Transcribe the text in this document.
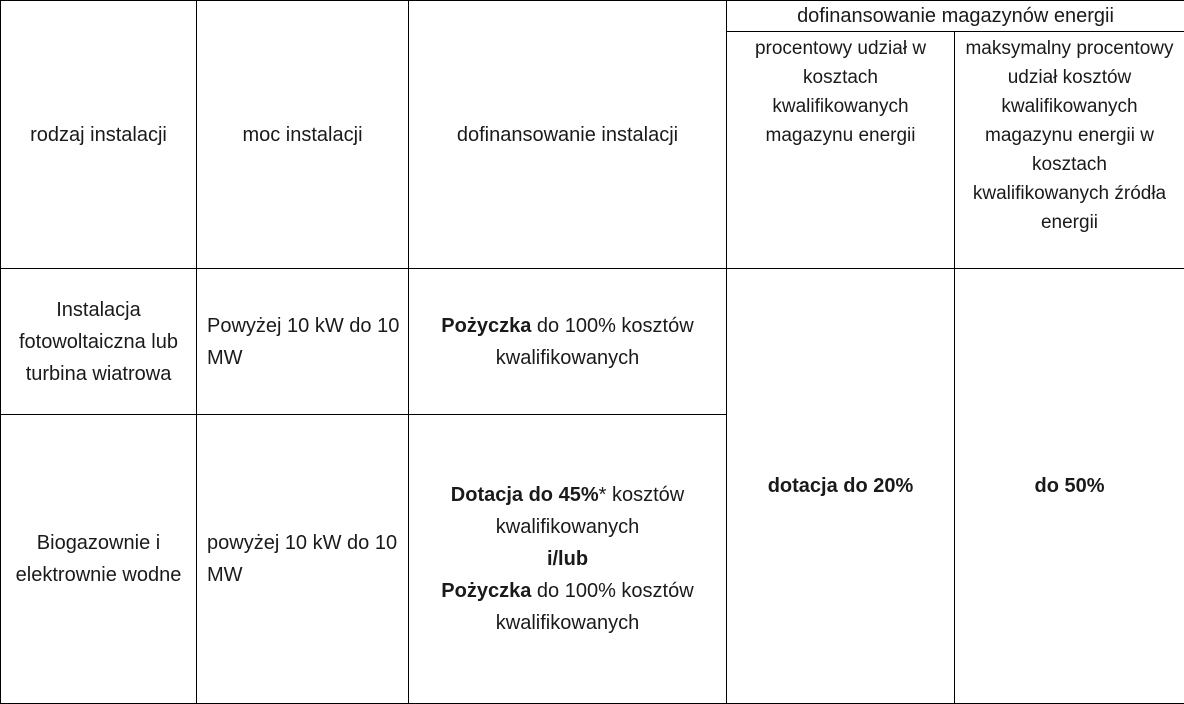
rodzaj instalacji	moc instalacji	dofinansowanie instalacji	dofinansowanie magazynów energii	
			procentowy udział w kosztach kwalifikowanych magazynu energii	maksymalny procentowy udział kosztów kwalifikowanych magazynu energii w kosztach kwalifikowanych źródła energii
Instalacja fotowoltaiczna lub turbina wiatrowa	Powyżej 10 kW do 10 MW	Pożyczka do 100% kosztów kwalifikowanych	dotacja do 20%	do 50%
Biogazownie i elektrownie wodne	powyżej 10 kW do 10 MW	Dotacja do 45%* kosztów kwalifikowanych
i/lub
Pożyczka do 100% kosztów kwalifikowanych		
